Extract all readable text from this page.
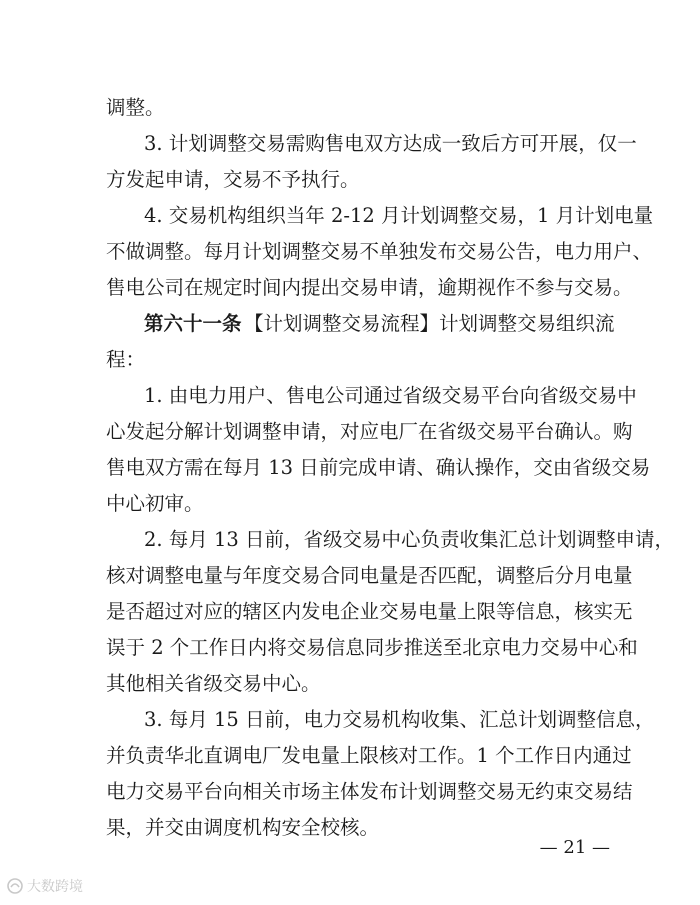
调整。
3. 计划调整交易需购售电双方达成一致后方可开展，仅一
方发起申请，交易不予执行。
4. 交易机构组织当年 2-12 月计划调整交易，1 月计划电量
不做调整。每月计划调整交易不单独发布交易公告，电力用户、
售电公司在规定时间内提出交易申请，逾期视作不参与交易。
第六十一条 【计划调整交易流程】计划调整交易组织流
程：
1. 由电力用户、售电公司通过省级交易平台向省级交易中
心发起分解计划调整申请，对应电厂在省级交易平台确认。购
售电双方需在每月 13 日前完成申请、确认操作，交由省级交易
中心初审。
2. 每月 13 日前，省级交易中心负责收集汇总计划调整申请，
核对调整电量与年度交易合同电量是否匹配，调整后分月电量
是否超过对应的辖区内发电企业交易电量上限等信息，核实无
误于 2 个工作日内将交易信息同步推送至北京电力交易中心和
其他相关省级交易中心。
3. 每月 15 日前，电力交易机构收集、汇总计划调整信息，
并负责华北直调电厂发电量上限核对工作。1 个工作日内通过
电力交易平台向相关市场主体发布计划调整交易无约束交易结
果，并交由调度机构安全校核。
— 21 —
大数跨境
